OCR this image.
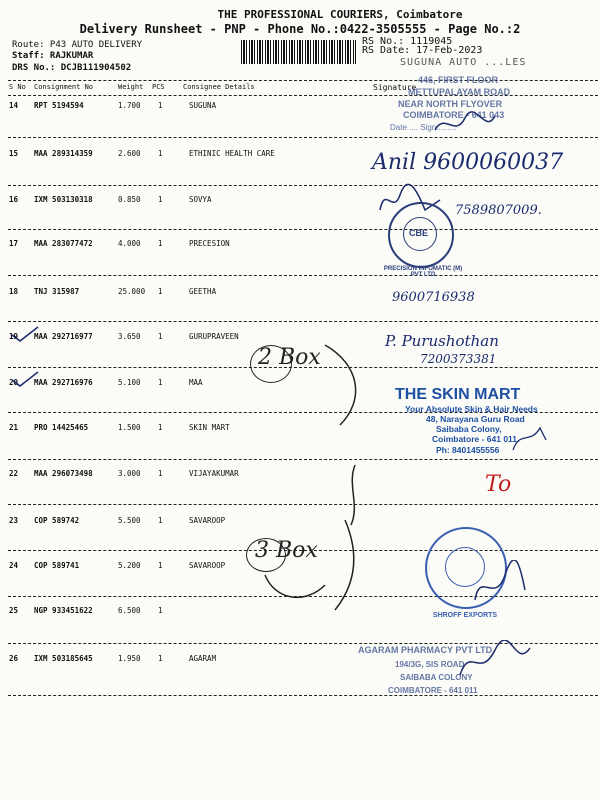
THE PROFESSIONAL COURIERS, Coimbatore
Delivery Runsheet - PNP - Phone No.:0422-3505555 - Page No.:2
Route: P43 AUTO DELIVERY
Staff: RAJKUMAR
DRS No.: DCJB111904502
RS No.: 1119045
RS Date: 17-Feb-2023
SUGUNA AUTO ...LES
S No Consignment No	Weight PCS	Consignee Details	Signature
14 RPT 5194594	1.700 1	SUGUNA
15 MAA 289314359	2.600 1	ETHINIC HEALTH CARE
16 IXM 503130318	0.850 1	SOVYA
17 MAA 283077472	4.000 1	PRECESION
18 TNJ 315987	25.000 1	GEETHA
19 MAA 292716977	3.650 1	GURUPRAVEEN
20 MAA 292716976	5.100 1	MAA
21 PRO 14425465	1.500 1	SKIN MART
22 MAA 296073498	3.000 1	VIJAYAKUMAR
23 COP 589742	5.500 1	SAVAROOP
24 COP 589741	5.200 1	SAVAROOP
25 NGP 933451622	6.500 1
26 IXM 503185645	1.950 1	AGARAM
446, FIRST FLOOR
METTUPALAYAM ROAD
NEAR NORTH FLYOVER
COIMBATORE - 641 043
Date .... Sign.........
Anil 9600060037
7589807009.
CBE
PRECISION INFOMATIC (M) PVT LTD
9600716938
P. Purushothan
7200373381
2 Box
THE SKIN MART
Your Absolute Skin & Hair Needs
48, Narayana Guru Road
Saibaba Colony,
Coimbatore - 641 011.
Ph: 8401455556
To
3 Box
SHROFF EXPORTS
AGARAM PHARMACY PVT LTD
194/3G, SIS ROAD
SAIBABA COLONY
COIMBATORE - 641 011
